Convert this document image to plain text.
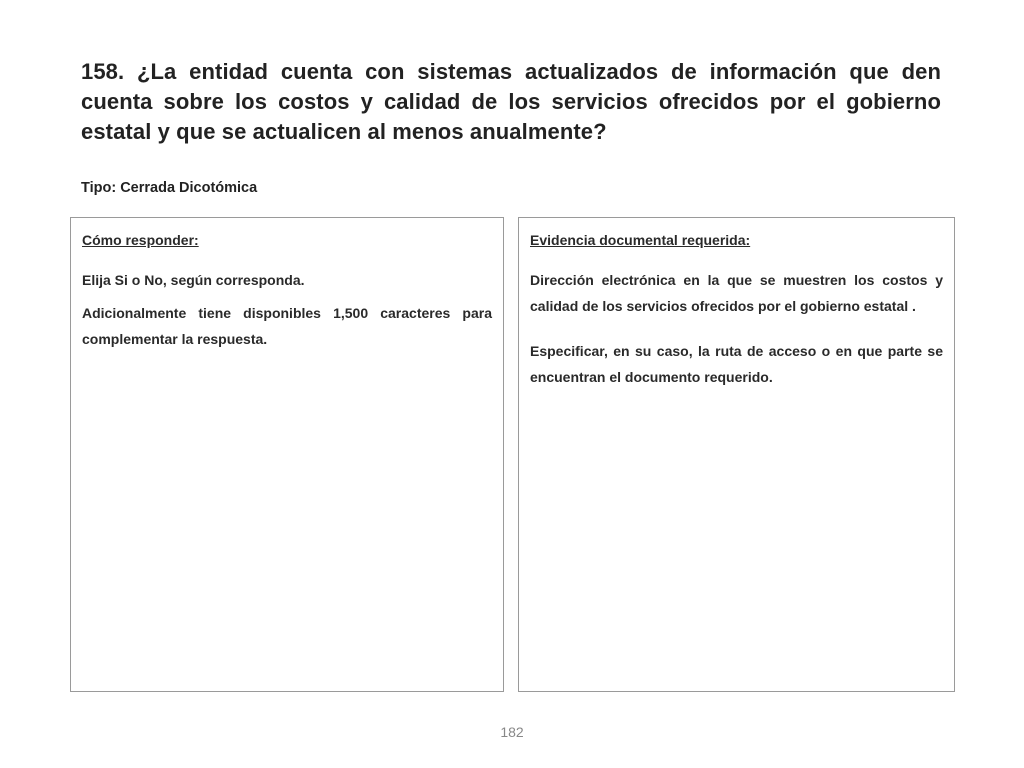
158. ¿La entidad cuenta con sistemas actualizados de información que den cuenta sobre los costos y calidad de los servicios ofrecidos por el gobierno estatal y que se actualicen al menos anualmente?

Tipo: Cerrada Dicotómica

Cómo responder:

Elija Si o No, según corresponda.

Adicionalmente tiene disponibles 1,500 caracteres para complementar la respuesta.

Evidencia documental requerida:

Dirección electrónica en la que se muestren los costos y calidad de los servicios ofrecidos por el gobierno estatal .

Especificar, en su caso, la ruta de acceso o en que parte se encuentran el documento requerido.

182
